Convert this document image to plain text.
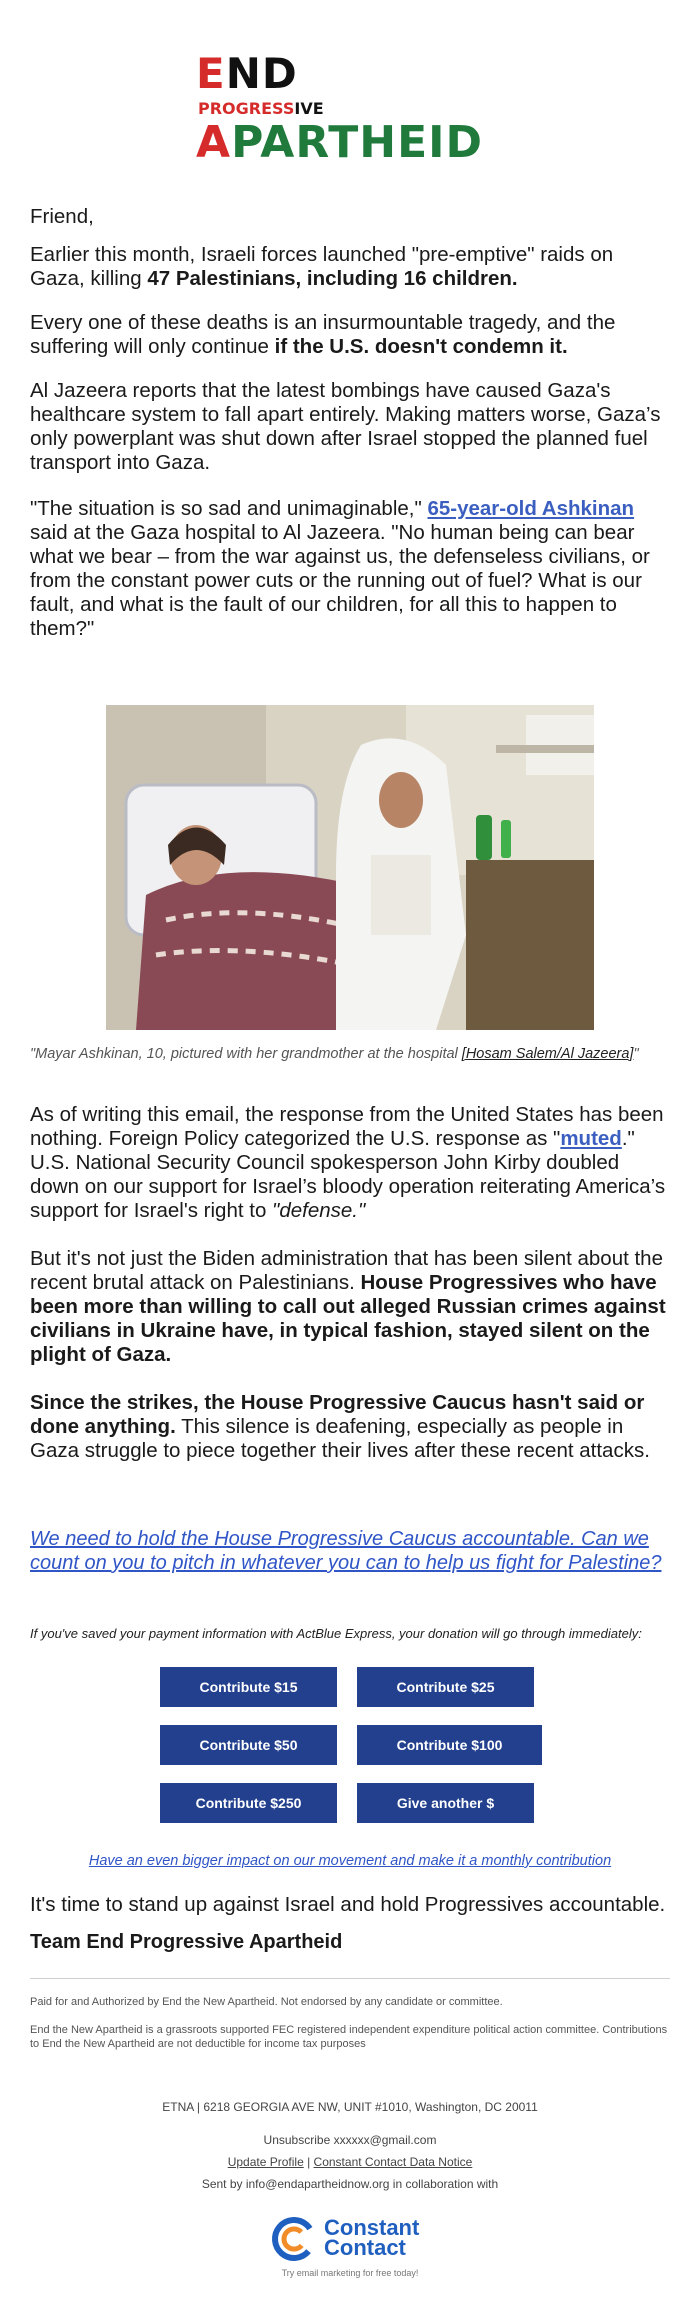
END
PROGRESSIVE
APARTHEID

Friend,

Earlier this month, Israeli forces launched "pre-emptive" raids on Gaza, killing 47 Palestinians, including 16 children.

Every one of these deaths is an insurmountable tragedy, and the suffering will only continue if the U.S. doesn't condemn it.

Al Jazeera reports that the latest bombings have caused Gaza's healthcare system to fall apart entirely. Making matters worse, Gaza’s only powerplant was shut down after Israel stopped the planned fuel transport into Gaza.

"The situation is so sad and unimaginable," 65-year-old Ashkinan said at the Gaza hospital to Al Jazeera. "No human being can bear what we bear – from the war against us, the defenseless civilians, or from the constant power cuts or the running out of fuel? What is our fault, and what is the fault of our children, for all this to happen to them?"

"Mayar Ashkinan, 10, pictured with her grandmother at the hospital [Hosam Salem/Al Jazeera]"

As of writing this email, the response from the United States has been nothing. Foreign Policy categorized the U.S. response as "muted." U.S. National Security Council spokesperson John Kirby doubled down on our support for Israel’s bloody operation reiterating America’s support for Israel's right to "defense."

But it's not just the Biden administration that has been silent about the recent brutal attack on Palestinians. House Progressives who have been more than willing to call out alleged Russian crimes against civilians in Ukraine have, in typical fashion, stayed silent on the plight of Gaza.

Since the strikes, the House Progressive Caucus hasn't said or done anything. This silence is deafening, especially as people in Gaza struggle to piece together their lives after these recent attacks.

We need to hold the House Progressive Caucus accountable. Can we count on you to pitch in whatever you can to help us fight for Palestine?
If you've saved your payment information with ActBlue Express, your donation will go through immediately:
Contribute $15	Contribute $25
Contribute $50	Contribute $100
Contribute $250	Give another $
Have an even bigger impact on our movement and make it a monthly contribution
It's time to stand up against Israel and hold Progressives accountable.
Team End Progressive Apartheid
Paid for and Authorized by End the New Apartheid. Not endorsed by any candidate or committee.
End the New Apartheid is a grassroots supported FEC registered independent expenditure political action committee. Contributions to End the New Apartheid are not deductible for income tax purposes
ETNA | 6218 GEORGIA AVE NW, UNIT #1010, Washington, DC 20011
Unsubscribe xxxxxx@gmail.com
Update Profile | Constant Contact Data Notice
Sent by info@endapartheidnow.org in collaboration with
Constant
Contact
Try email marketing for free today!
